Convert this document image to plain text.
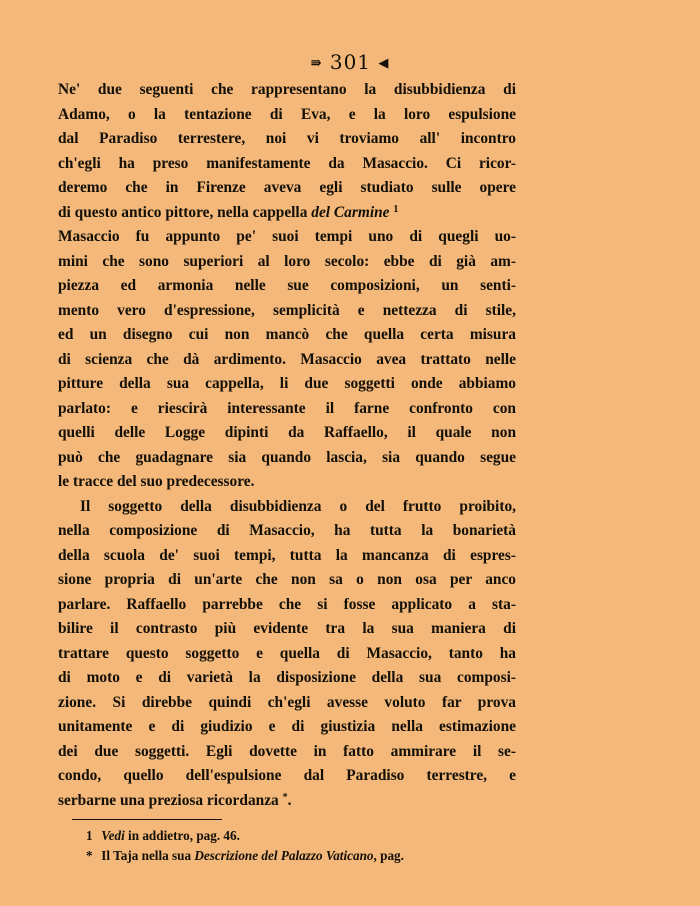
⇛ 301 ◀
Ne' due seguenti che rappresentano la disubbidienza di
Adamo, o la tentazione di Eva, e la loro espulsione
dal Paradiso terrestere, noi vi troviamo all' incontro
ch'egli ha preso manifestamente da Masaccio. Ci ricor-
deremo che in Firenze aveva egli studiato sulle opere
di questo antico pittore, nella cappella del Carmine $^1$
Masaccio fu appunto pe' suoi tempi uno di quegli uo-
mini che sono superiori al loro secolo: ebbe di già am-
piezza ed armonia nelle sue composizioni, un senti-
mento vero d'espressione, semplicità e nettezza di stile,
ed un disegno cui non mancò che quella certa misura
di scienza che dà ardimento. Masaccio avea trattato nelle
pitture della sua cappella, li due soggetti onde abbiamo
parlato: e riescirà interessante il farne confronto con
quelli delle Logge dipinti da Raffaello, il quale non
può che guadagnare sia quando lascia, sia quando segue
le tracce del suo predecessore.
Il soggetto della disubbidienza o del frutto proibito,
nella composizione di Masaccio, ha tutta la bonarietà
della scuola de' suoi tempi, tutta la mancanza di espres-
sione propria di un'arte che non sa o non osa per anco
parlare. Raffaello parrebbe che si fosse applicato a sta-
bilire il contrasto più evidente tra la sua maniera di
trattare questo soggetto e quella di Masaccio, tanto ha
di moto e di varietà la disposizione della sua composi-
zione. Si direbbe quindi ch'egli avesse voluto far prova
unitamente e di giudizio e di giustizia nella estimazione
dei due soggetti. Egli dovette in fatto ammirare il se-
condo, quello dell'espulsione dal Paradiso terrestre, e
serbarne una preziosa ricordanza *.
1 Vedi in addietro, pag. 46.
* Il Taja nella sua Descrizione del Palazzo Vaticano, pag.
